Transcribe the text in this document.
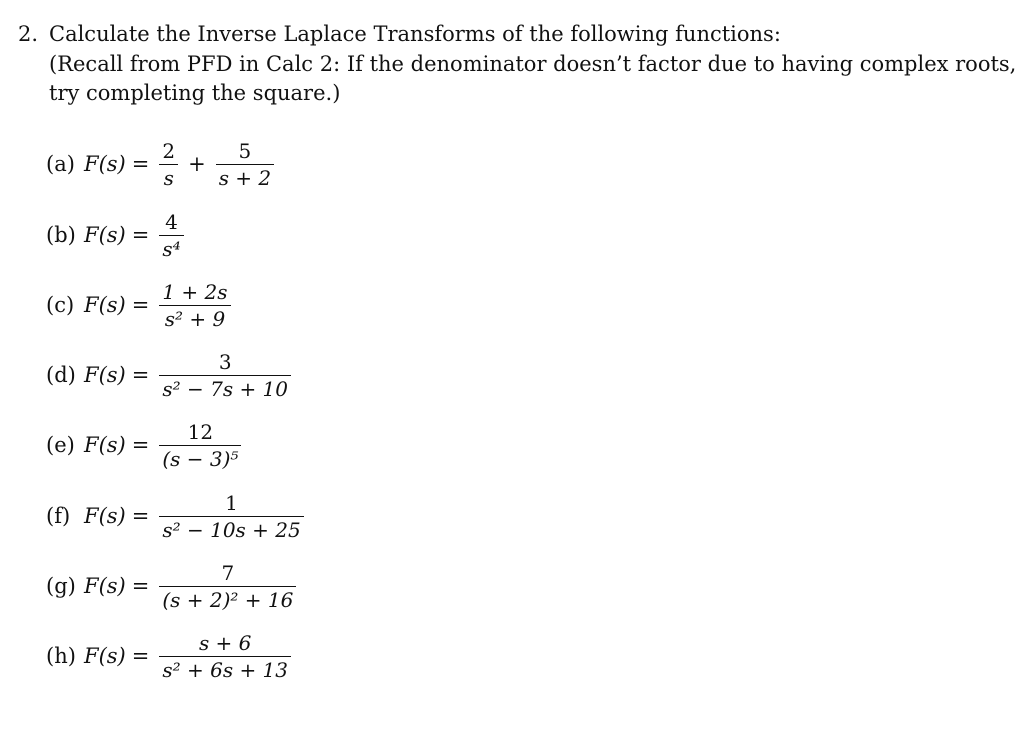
2. Calculate the Inverse Laplace Transforms of the following functions:
(Recall from PFD in Calc 2: If the denominator doesn’t factor due to having complex roots,
try completing the square.)
(a) $F(s) = \frac{2}{s} + \frac{5}{s + 2}$
(b) $F(s) = \frac{4}{\text{s⁴}}$
(c) $F(s) = \frac{1 + 2s}{\text{s² + 9}}$
(d) $F(s) = \frac{3}{\text{s² − 7s + 10}}$
(e) $F(s) = \frac{12}{\text{(s − 3)⁵}}$
(f) $F(s) = \frac{1}{\text{s² − 10s + 25}}$
(g) $F(s) = \frac{7}{\text{(s + 2)² + 16}}$
(h) $F(s) = \frac{s + 6}{\text{s² + 6s + 13}}$
